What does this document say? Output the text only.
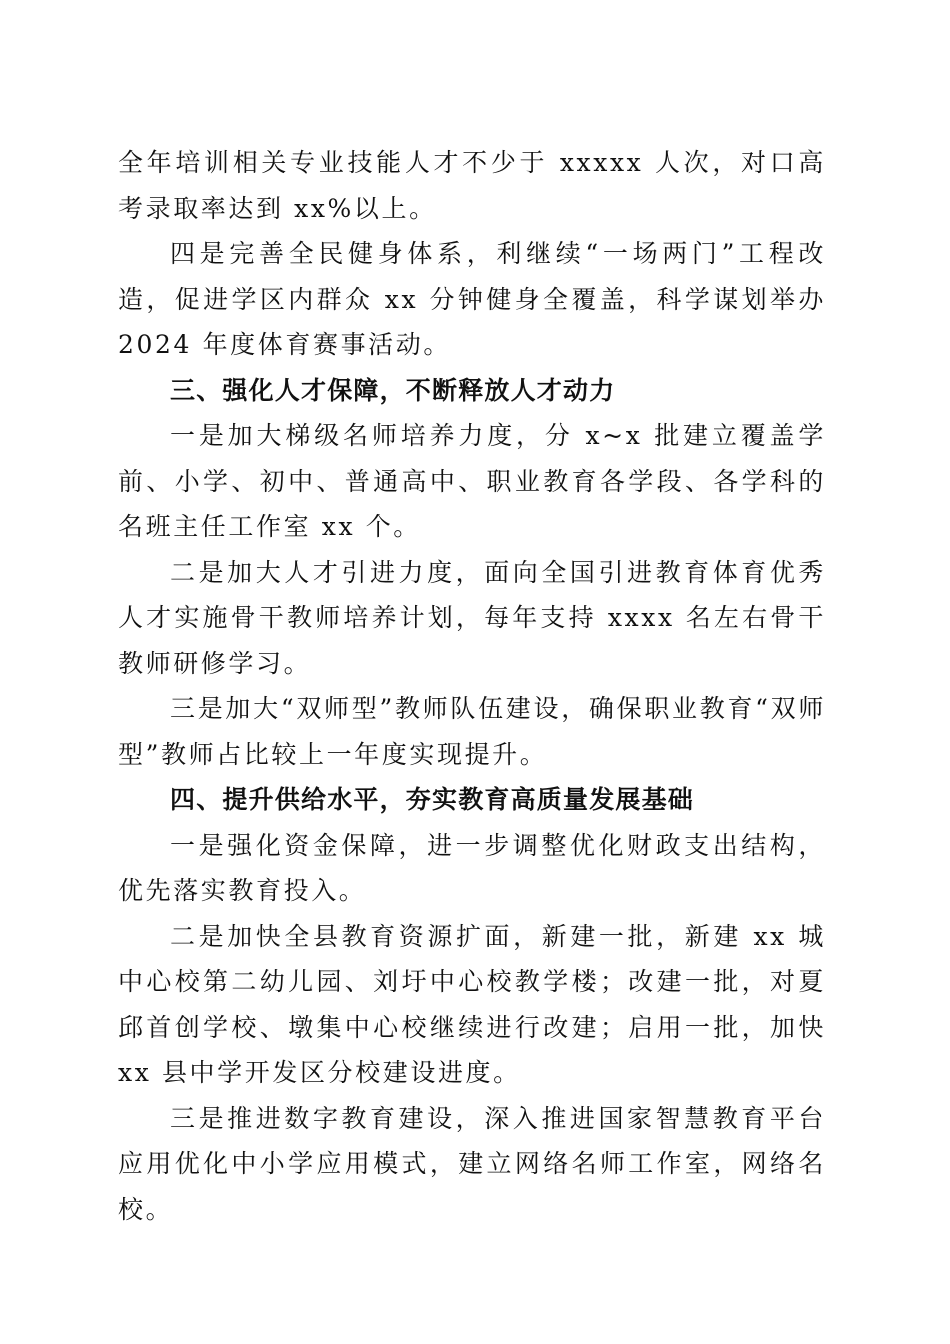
全年培训相关专业技能人才不少于 xxxxx 人次，对口高考录取率达到 xx%以上。

四是完善全民健身体系，利继续“一场两门”工程改造，促进学区内群众 xx 分钟健身全覆盖，科学谋划举办 2024 年度体育赛事活动。

三、强化人才保障，不断释放人才动力

一是加大梯级名师培养力度，分 x~x 批建立覆盖学前、小学、初中、普通高中、职业教育各学段、各学科的名班主任工作室 xx 个。

二是加大人才引进力度，面向全国引进教育体育优秀人才实施骨干教师培养计划，每年支持 xxxx 名左右骨干教师研修学习。

三是加大“双师型”教师队伍建设，确保职业教育“双师型”教师占比较上一年度实现提升。

四、提升供给水平，夯实教育高质量发展基础

一是强化资金保障，进一步调整优化财政支出结构，优先落实教育投入。

二是加快全县教育资源扩面，新建一批，新建 xx 城中心校第二幼儿园、刘圩中心校教学楼；改建一批，对夏邱首创学校、墩集中心校继续进行改建；启用一批，加快 xx 县中学开发区分校建设进度。

三是推进数字教育建设，深入推进国家智慧教育平台应用优化中小学应用模式，建立网络名师工作室，网络名校。
